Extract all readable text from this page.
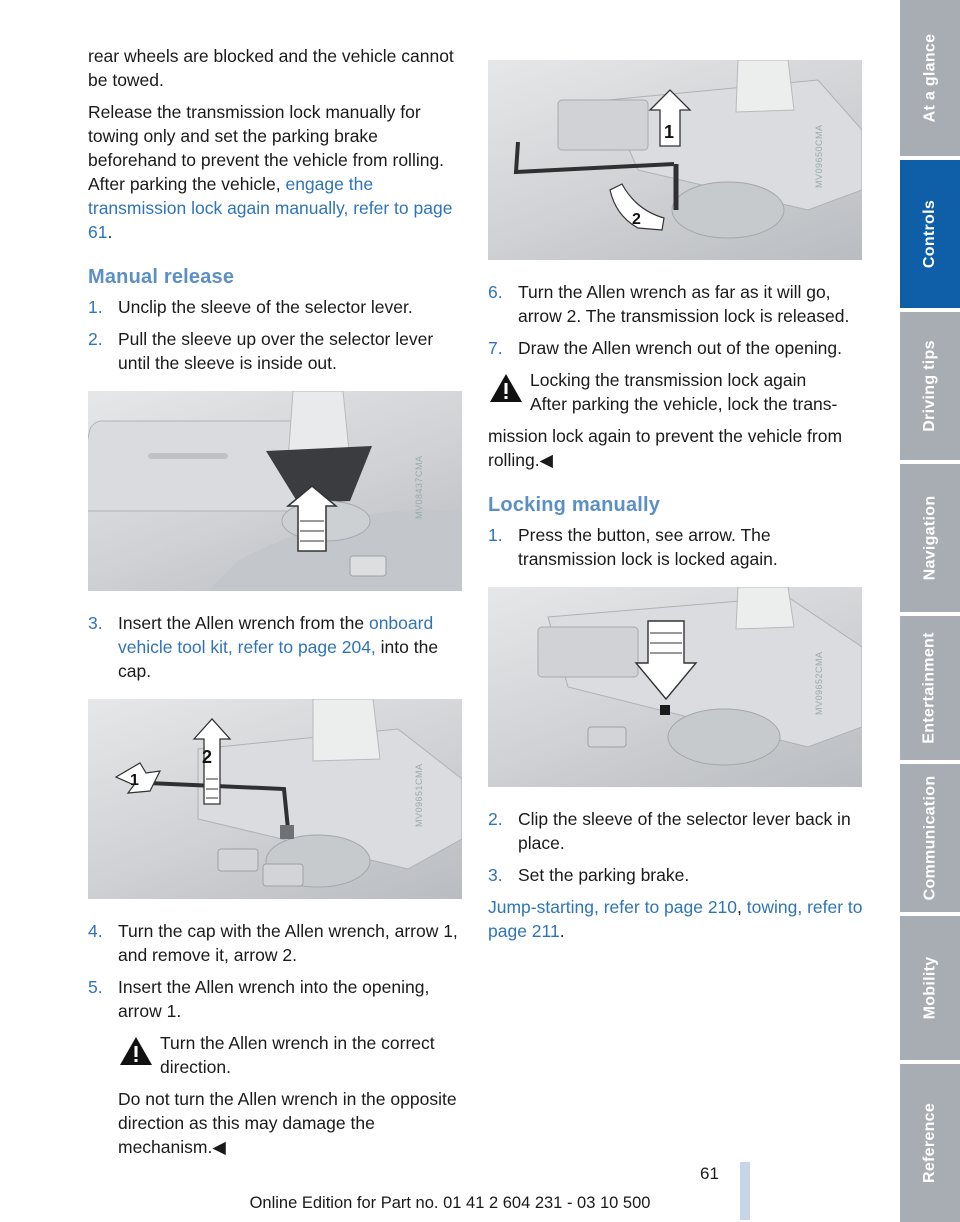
rear wheels are blocked and the vehicle cannot be towed.

Release the transmission lock manually for towing only and set the parking brake beforehand to prevent the vehicle from rolling. After parking the vehicle, engage the transmission lock again manually, refer to page 61.

Manual release
1. Unclip the sleeve of the selector lever.
2. Pull the sleeve up over the selector lever until the sleeve is inside out.
MV08437CMA
3. Insert the Allen wrench from the onboard vehicle tool kit, refer to page 204, into the cap.
1
2
MV09651CMA
4. Turn the cap with the Allen wrench, arrow 1, and remove it, arrow 2.
5. Insert the Allen wrench into the opening, arrow 1.
Turn the Allen wrench in the correct
direction.

Do not turn the Allen wrench in the opposite direction as this may damage the mechanism.◀

1
2
MV09650CMA
6. Turn the Allen wrench as far as it will go, arrow 2. The transmission lock is released.
7. Draw the Allen wrench out of the opening.
Locking the transmission lock again
After parking the vehicle, lock the trans-

mission lock again to prevent the vehicle from rolling.◀

Locking manually
1. Press the button, see arrow. The transmission lock is locked again.
MV09652CMA
2. Clip the sleeve of the selector lever back in place.
3. Set the parking brake.

Jump-starting, refer to page 210, towing, refer to page 211.

At a glance
Controls
Driving tips
Navigation
Entertainment
Communication
Mobility
Reference
61
Online Edition for Part no. 01 41 2 604 231 - 03 10 500
